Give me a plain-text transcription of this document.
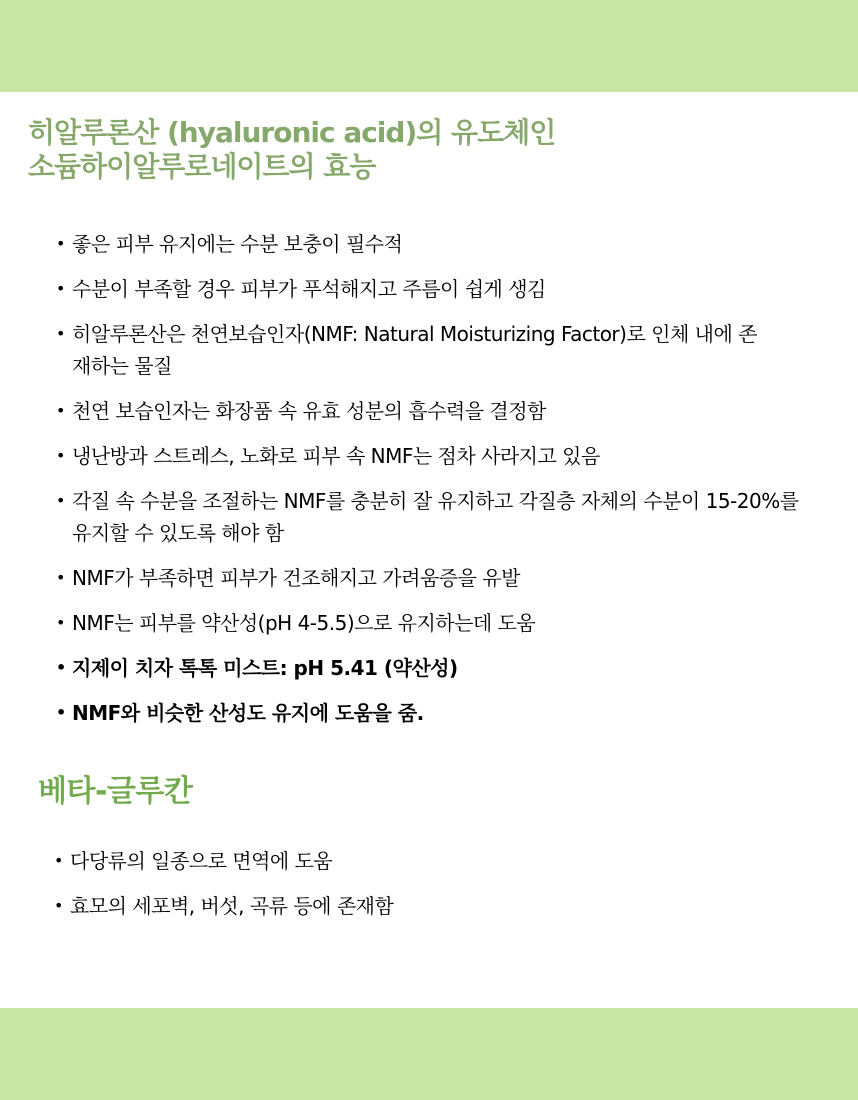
히알루론산 (hyaluronic acid)의 유도체인
소듐하이알루로네이트의 효능
• 좋은 피부 유지에는 수분 보충이 필수적
• 수분이 부족할 경우 피부가 푸석해지고 주름이 쉽게 생김
• 히알루론산은 천연보습인자(NMF: Natural Moisturizing Factor)로 인체 내에 존재하는 물질
• 천연 보습인자는 화장품 속 유효 성분의 흡수력을 결정함
• 냉난방과 스트레스, 노화로 피부 속 NMF는 점차 사라지고 있음
• 각질 속 수분을 조절하는 NMF를 충분히 잘 유지하고 각질층 자체의 수분이 15-20%를 유지할 수 있도록 해야 함
• NMF가 부족하면 피부가 건조해지고 가려움증을 유발
• NMF는 피부를 약산성(pH 4-5.5)으로 유지하는데 도움
• 지제이 치자 톡톡 미스트: pH 5.41 (약산성)
• NMF와 비슷한 산성도 유지에 도움을 줌.
베타-글루칸
• 다당류의 일종으로 면역에 도움
• 효모의 세포벽, 버섯, 곡류 등에 존재함
